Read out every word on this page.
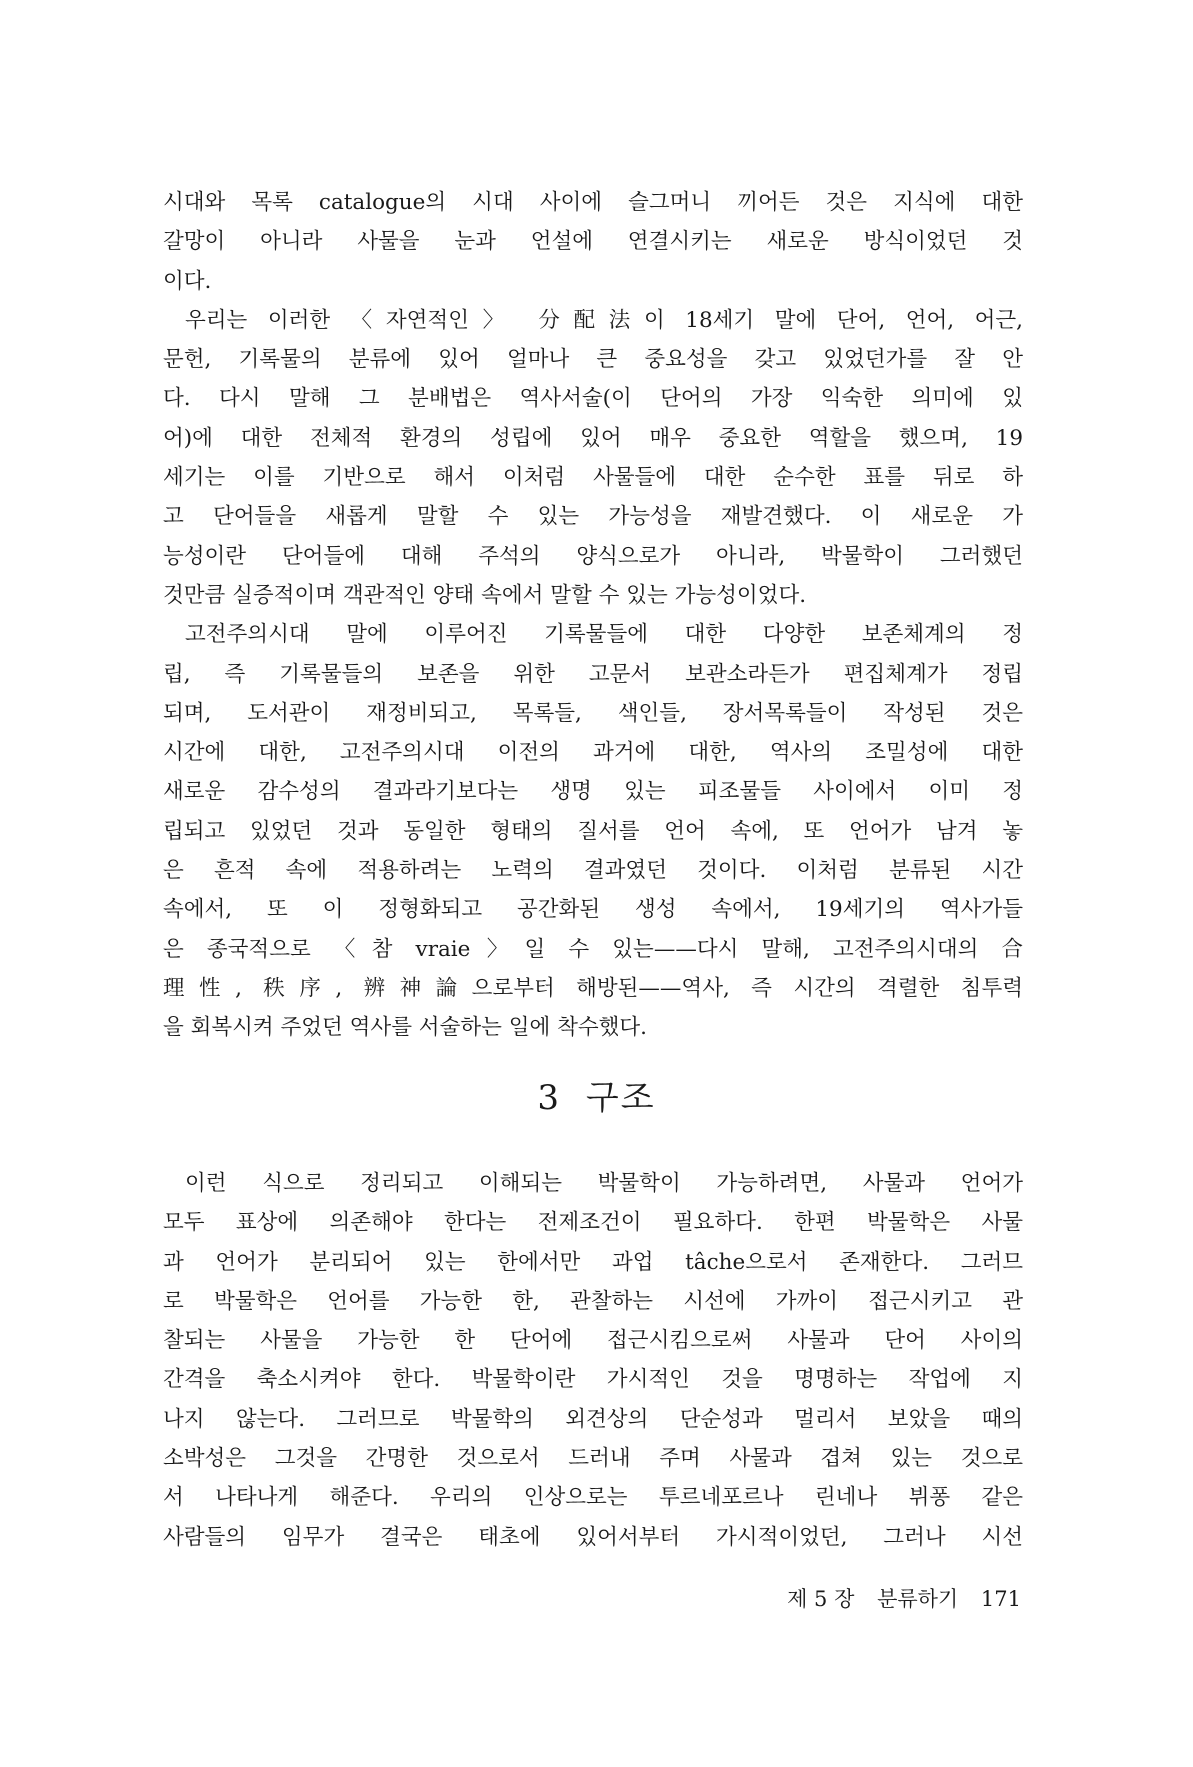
시대와 목록 catalogue의 시대 사이에 슬그머니 끼어든 것은 지식에 대한
갈망이 아니라 사물을 눈과 언설에 연결시키는 새로운 방식이었던 것
이다.
우리는 이러한 〈자연적인〉 分配法이 18세기 말에 단어, 언어, 어근,
문헌, 기록물의 분류에 있어 얼마나 큰 중요성을 갖고 있었던가를 잘 안
다. 다시 말해 그 분배법은 역사서술(이 단어의 가장 익숙한 의미에 있
어)에 대한 전체적 환경의 성립에 있어 매우 중요한 역할을 했으며, 19
세기는 이를 기반으로 해서 이처럼 사물들에 대한 순수한 표를 뒤로 하
고 단어들을 새롭게 말할 수 있는 가능성을 재발견했다. 이 새로운 가
능성이란 단어들에 대해 주석의 양식으로가 아니라, 박물학이 그러했던
것만큼 실증적이며 객관적인 양태 속에서 말할 수 있는 가능성이었다.
고전주의시대 말에 이루어진 기록물들에 대한 다양한 보존체계의 정
립, 즉 기록물들의 보존을 위한 고문서 보관소라든가 편집체계가 정립
되며, 도서관이 재정비되고, 목록들, 색인들, 장서목록들이 작성된 것은
시간에 대한, 고전주의시대 이전의 과거에 대한, 역사의 조밀성에 대한
새로운 감수성의 결과라기보다는 생명 있는 피조물들 사이에서 이미 정
립되고 있었던 것과 동일한 형태의 질서를 언어 속에, 또 언어가 남겨 놓
은 흔적 속에 적용하려는 노력의 결과였던 것이다. 이처럼 분류된 시간
속에서, 또 이 정형화되고 공간화된 생성 속에서, 19세기의 역사가들
은 종국적으로 〈참 vraie〉일 수 있는——다시 말해, 고전주의시대의 合
理性, 秩序, 辨神論으로부터 해방된——역사, 즉 시간의 격렬한 침투력
을 회복시켜 주었던 역사를 서술하는 일에 착수했다.
3 구조
이런 식으로 정리되고 이해되는 박물학이 가능하려면, 사물과 언어가
모두 표상에 의존해야 한다는 전제조건이 필요하다. 한편 박물학은 사물
과 언어가 분리되어 있는 한에서만 과업 tâche으로서 존재한다. 그러므
로 박물학은 언어를 가능한 한, 관찰하는 시선에 가까이 접근시키고 관
찰되는 사물을 가능한 한 단어에 접근시킴으로써 사물과 단어 사이의
간격을 축소시켜야 한다. 박물학이란 가시적인 것을 명명하는 작업에 지
나지 않는다. 그러므로 박물학의 외견상의 단순성과 멀리서 보았을 때의
소박성은 그것을 간명한 것으로서 드러내 주며 사물과 겹쳐 있는 것으로
서 나타나게 해준다. 우리의 인상으로는 투르네포르나 린네나 뷔퐁 같은
사람들의 임무가 결국은 태초에 있어서부터 가시적이었던, 그러나 시선
제 5 장 분류하기 171
